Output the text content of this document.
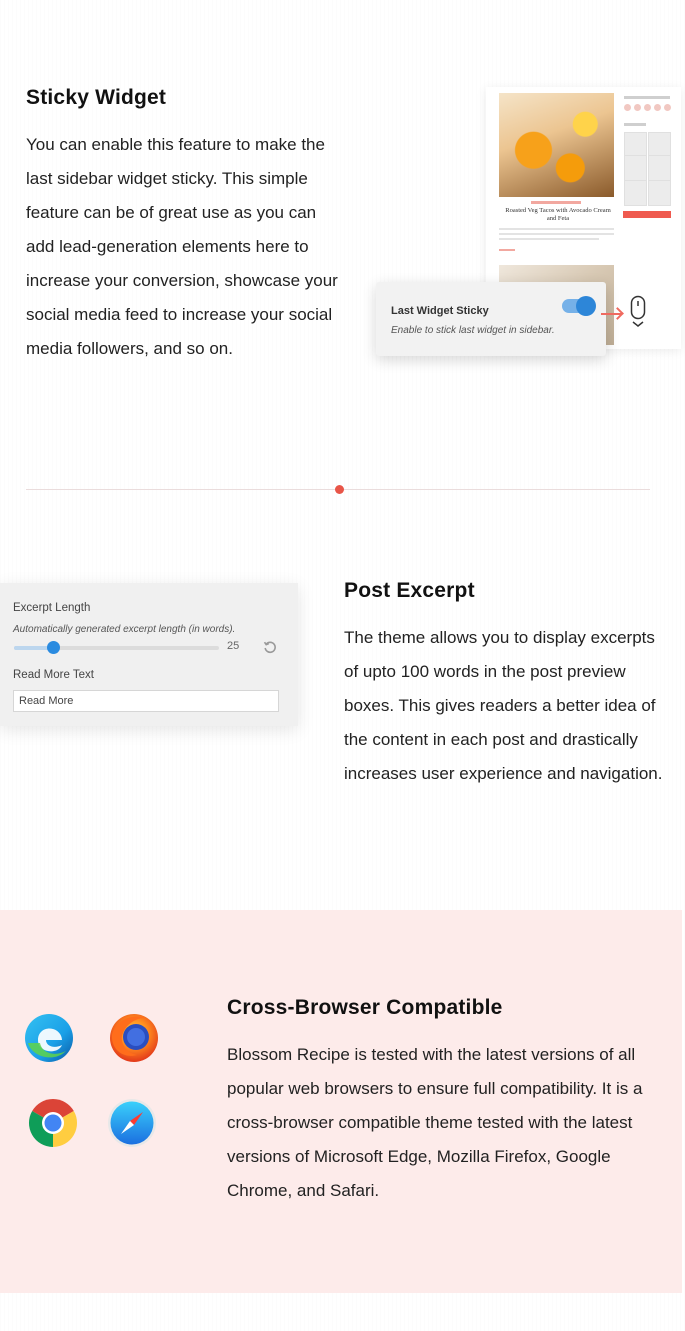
Sticky Widget

You can enable this feature to make the last sidebar widget sticky. This simple feature can be of great use as you can add lead-generation elements here to increase your conversion, showcase your social media feed to increase your social media followers, and so on.

Roasted Veg Tacos with Avocado Cream and Feta
Last Widget Sticky
Enable to stick last widget in sidebar.
Excerpt Length
Automatically generated excerpt length (in words).
25
Read More Text
Read More
Post Excerpt

The theme allows you to display excerpts of upto 100 words in the post preview boxes. This gives readers a better idea of the content in each post and drastically increases user experience and navigation.

Cross-Browser Compatible

Blossom Recipe is tested with the latest versions of all popular web browsers to ensure full compatibility. It is a cross-browser compatible theme tested with the latest versions of Microsoft Edge, Mozilla Firefox, Google Chrome, and Safari.
